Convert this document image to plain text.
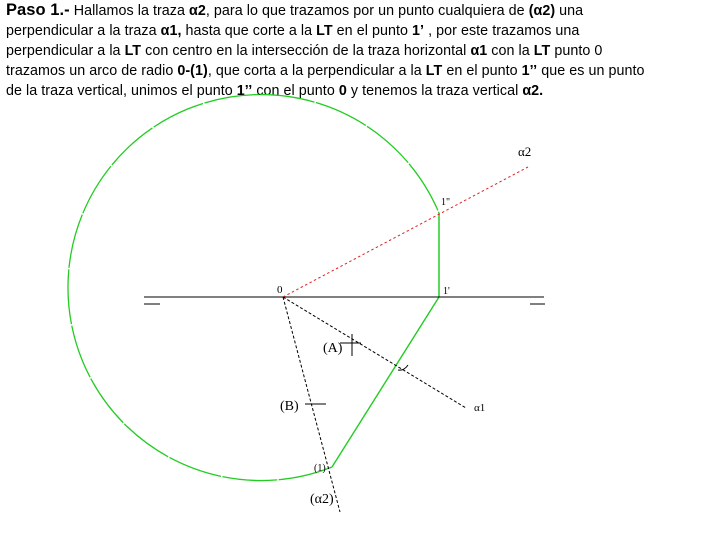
Paso 1.- Hallamos la traza α2, para lo que trazamos por un punto cualquiera de (α2) una
perpendicular a la traza α1, hasta que corte a la LT en el punto 1’ , por este trazamos una
perpendicular a la LT con centro en la intersección de la traza horizontal α1 con la LT punto 0
trazamos un arco de radio 0-(1), que corta a la perpendicular a la LT en el punto 1’’ que es un punto
de la traza vertical, unimos el punto 1’’ con el punto 0 y tenemos la traza vertical α2.
α2
1"
0	1'
(A)
(B)	α1
(1)
(α2)
